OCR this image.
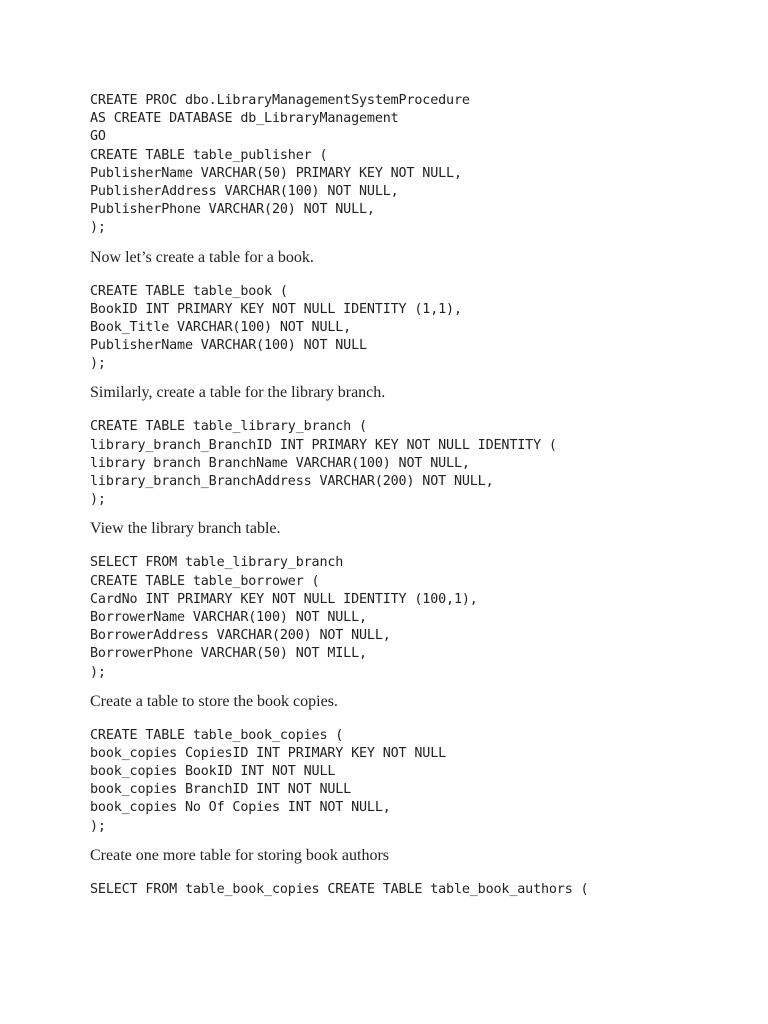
CREATE PROC dbo.LibraryManagementSystemProcedure
AS CREATE DATABASE db_LibraryManagement
GO
CREATE TABLE table_publisher (
PublisherName VARCHAR(50) PRIMARY KEY NOT NULL,
PublisherAddress VARCHAR(100) NOT NULL,
PublisherPhone VARCHAR(20) NOT NULL,
);

Now let’s create a table for a book.

CREATE TABLE table_book (
BookID INT PRIMARY KEY NOT NULL IDENTITY (1,1),
Book_Title VARCHAR(100) NOT NULL,
PublisherName VARCHAR(100) NOT NULL
);

Similarly, create a table for the library branch.

CREATE TABLE table_library_branch (
library_branch_BranchID INT PRIMARY KEY NOT NULL IDENTITY (
library branch BranchName VARCHAR(100) NOT NULL,
library_branch_BranchAddress VARCHAR(200) NOT NULL,
);

View the library branch table.

SELECT FROM table_library_branch
CREATE TABLE table_borrower (
CardNo INT PRIMARY KEY NOT NULL IDENTITY (100,1),
BorrowerName VARCHAR(100) NOT NULL,
BorrowerAddress VARCHAR(200) NOT NULL,
BorrowerPhone VARCHAR(50) NOT MILL,
);

Create a table to store the book copies.

CREATE TABLE table_book_copies (
book_copies CopiesID INT PRIMARY KEY NOT NULL
book_copies BookID INT NOT NULL
book_copies BranchID INT NOT NULL
book_copies No Of Copies INT NOT NULL,
);

Create one more table for storing book authors

SELECT FROM table_book_copies CREATE TABLE table_book_authors (
